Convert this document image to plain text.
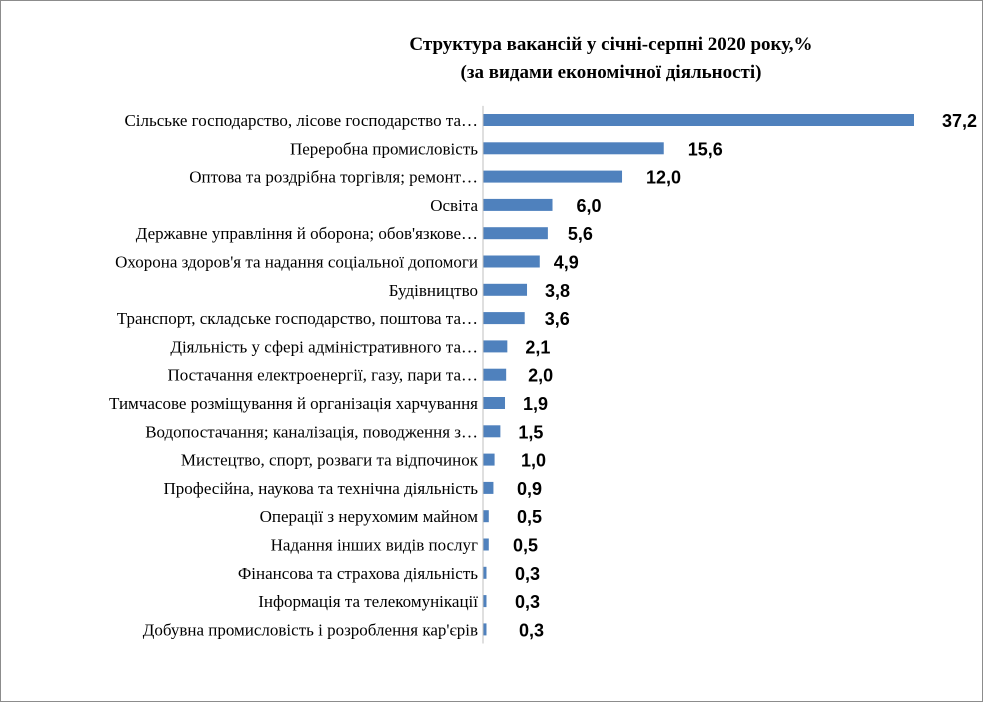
Структура вакансій у січні-серпні 2020 року,%
(за видами економічної діяльності)
Сільське господарство, лісове господарство та…
Переробна промисловість
Оптова та роздрібна торгівля; ремонт…
Освіта
Державне управління й оборона; обов'язкове…
Охорона здоров'я та надання соціальної допомоги
Будівництво
Транспорт, складське господарство, поштова та…
Діяльність у сфері адміністративного та…
Постачання електроенергії, газу, пари та…
Тимчасове розміщування й організація харчування
Водопостачання; каналізація, поводження з…
Мистецтво, спорт, розваги та відпочинок
Професійна, наукова та технічна діяльність
Операції з нерухомим майном
Надання інших видів послуг
Фінансова та страхова діяльність
Інформація та телекомунікації
Добувна промисловість і розроблення кар'єрів
37,2
15,6
12,0
6,0
5,6
4,9
3,8
3,6
2,1
2,0
1,9
1,5
1,0
0,9
0,5
0,5
0,3
0,3
0,3
